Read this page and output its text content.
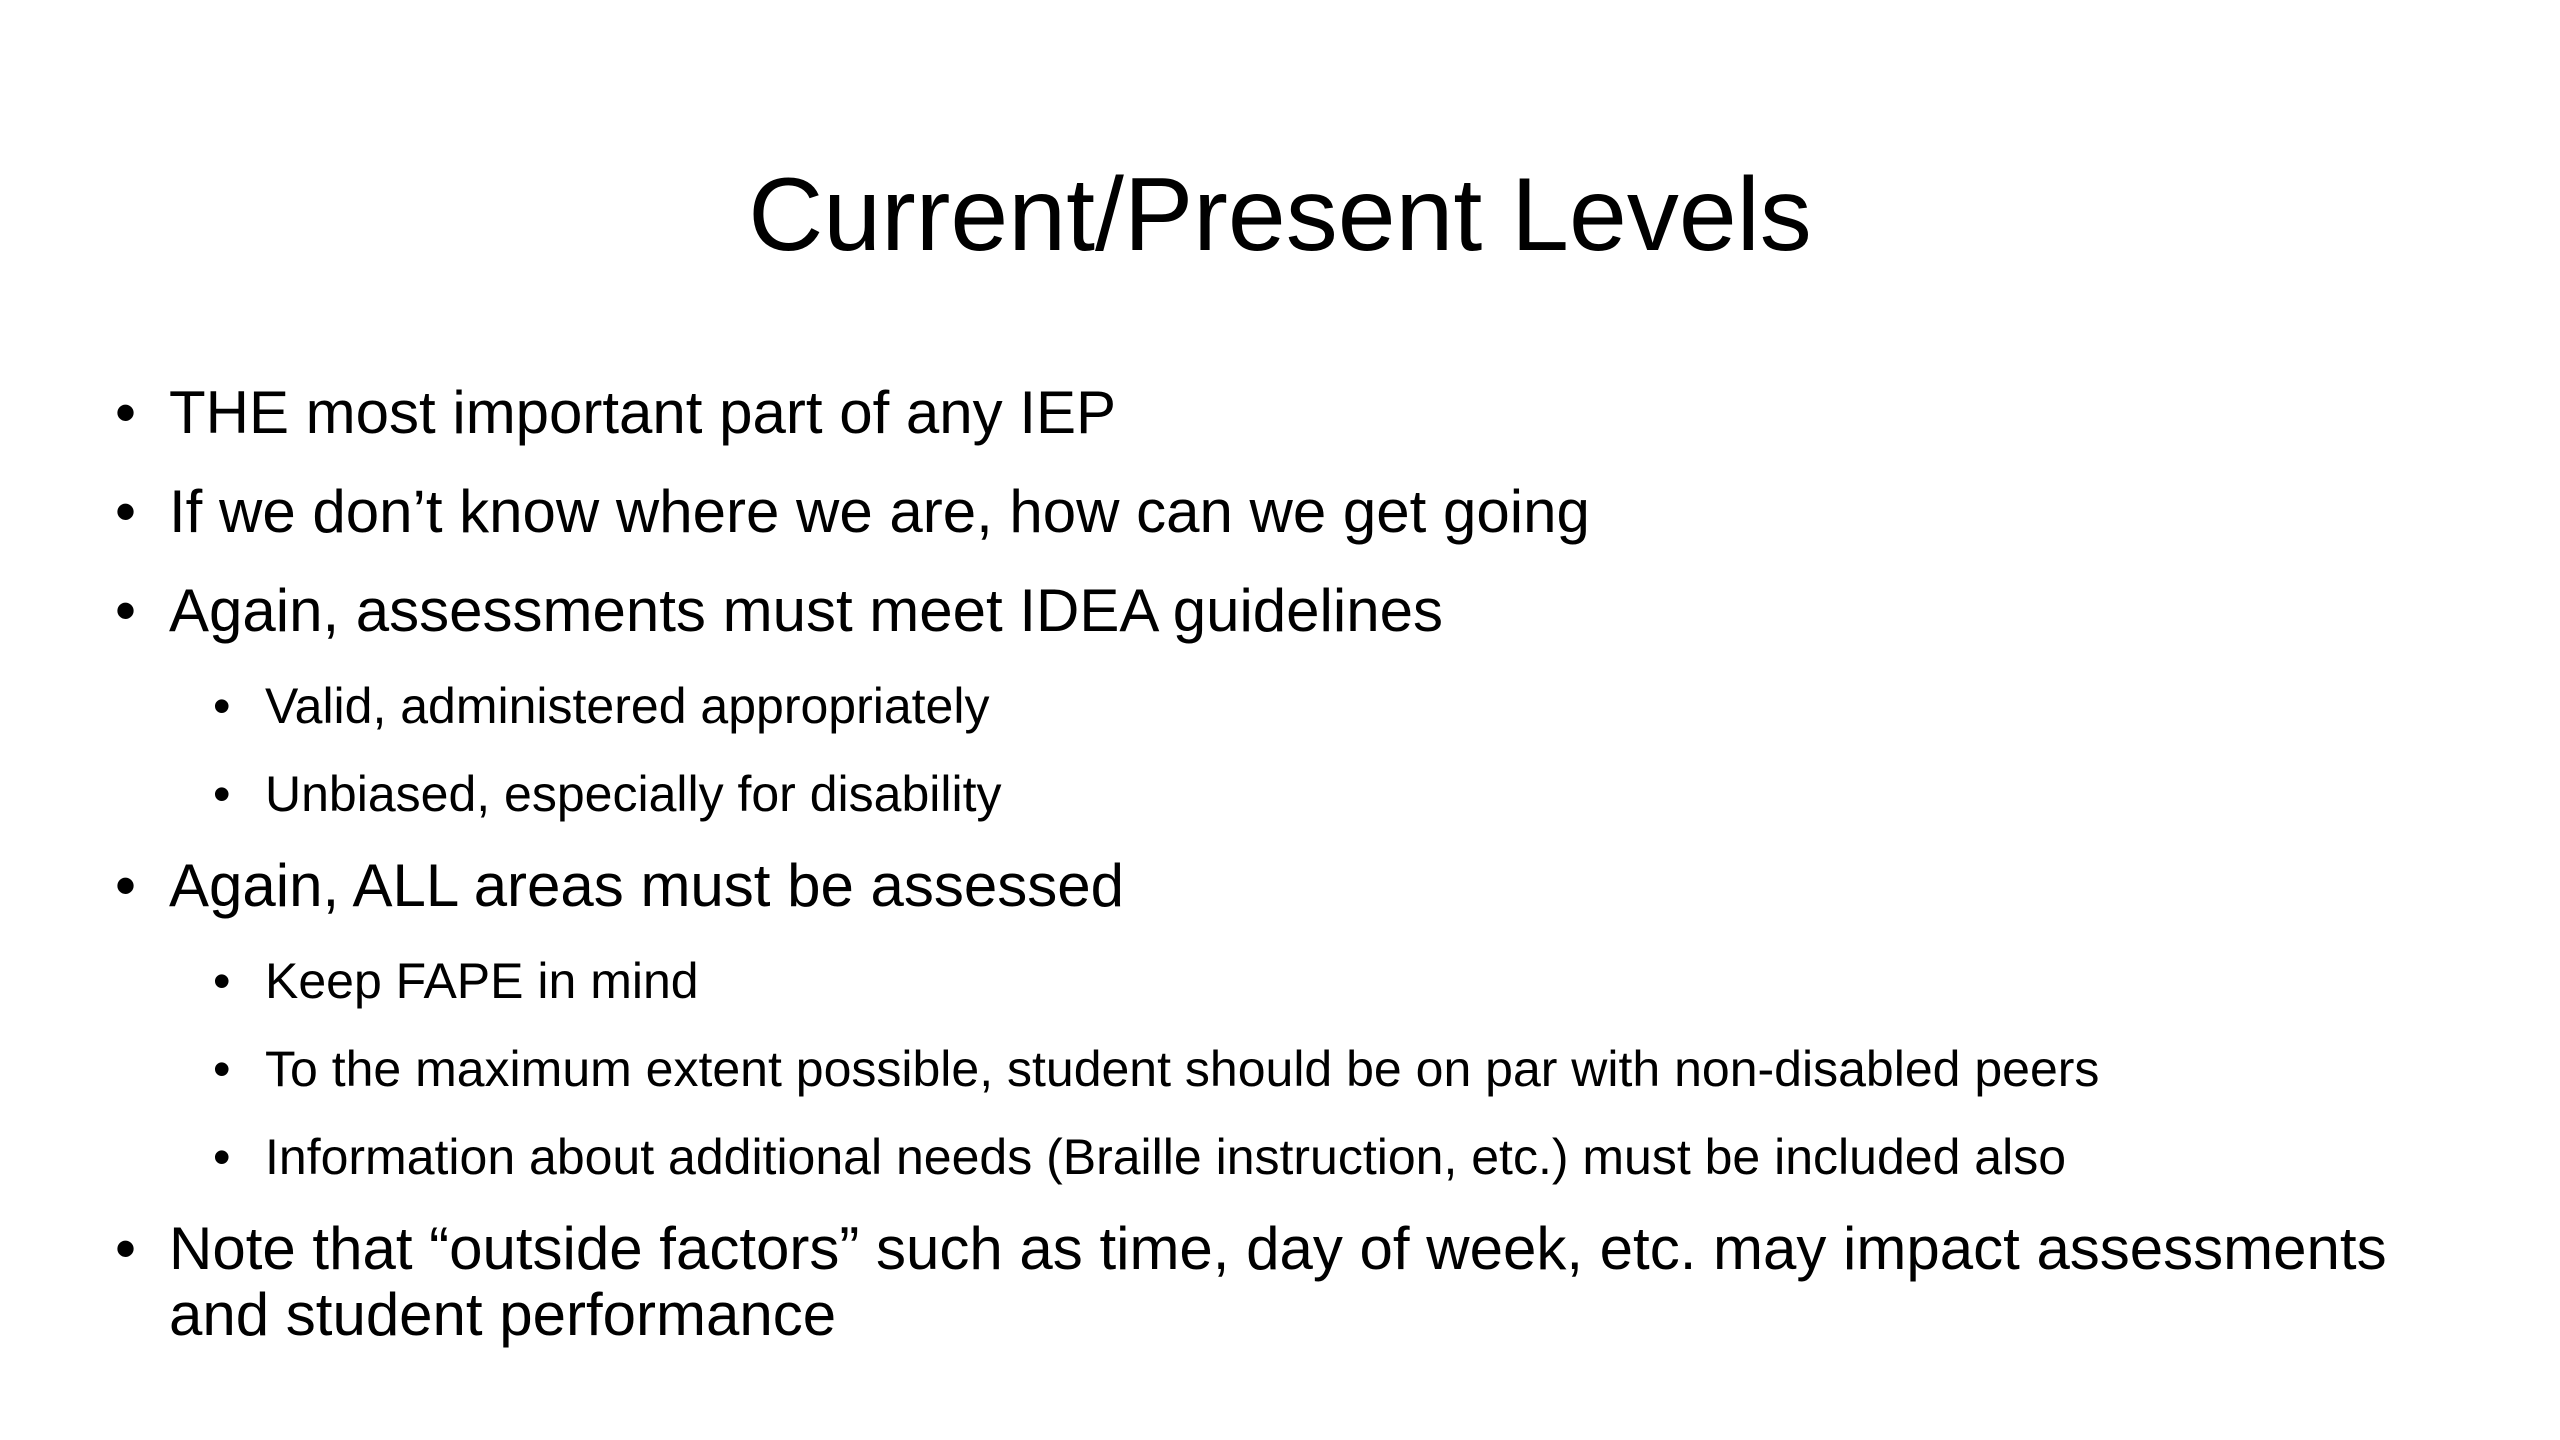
Current/Present Levels

• THE most important part of any IEP

• If we don’t know where we are, how can we get going

• Again, assessments must meet IDEA guidelines

• Valid, administered appropriately

• Unbiased, especially for disability

• Again, ALL areas must be assessed

• Keep FAPE in mind

• To the maximum extent possible, student should be on par with non-disabled peers

• Information about additional needs (Braille instruction, etc.) must be included also

• Note that “outside factors” such as time, day of week, etc. may impact assessments and student performance
